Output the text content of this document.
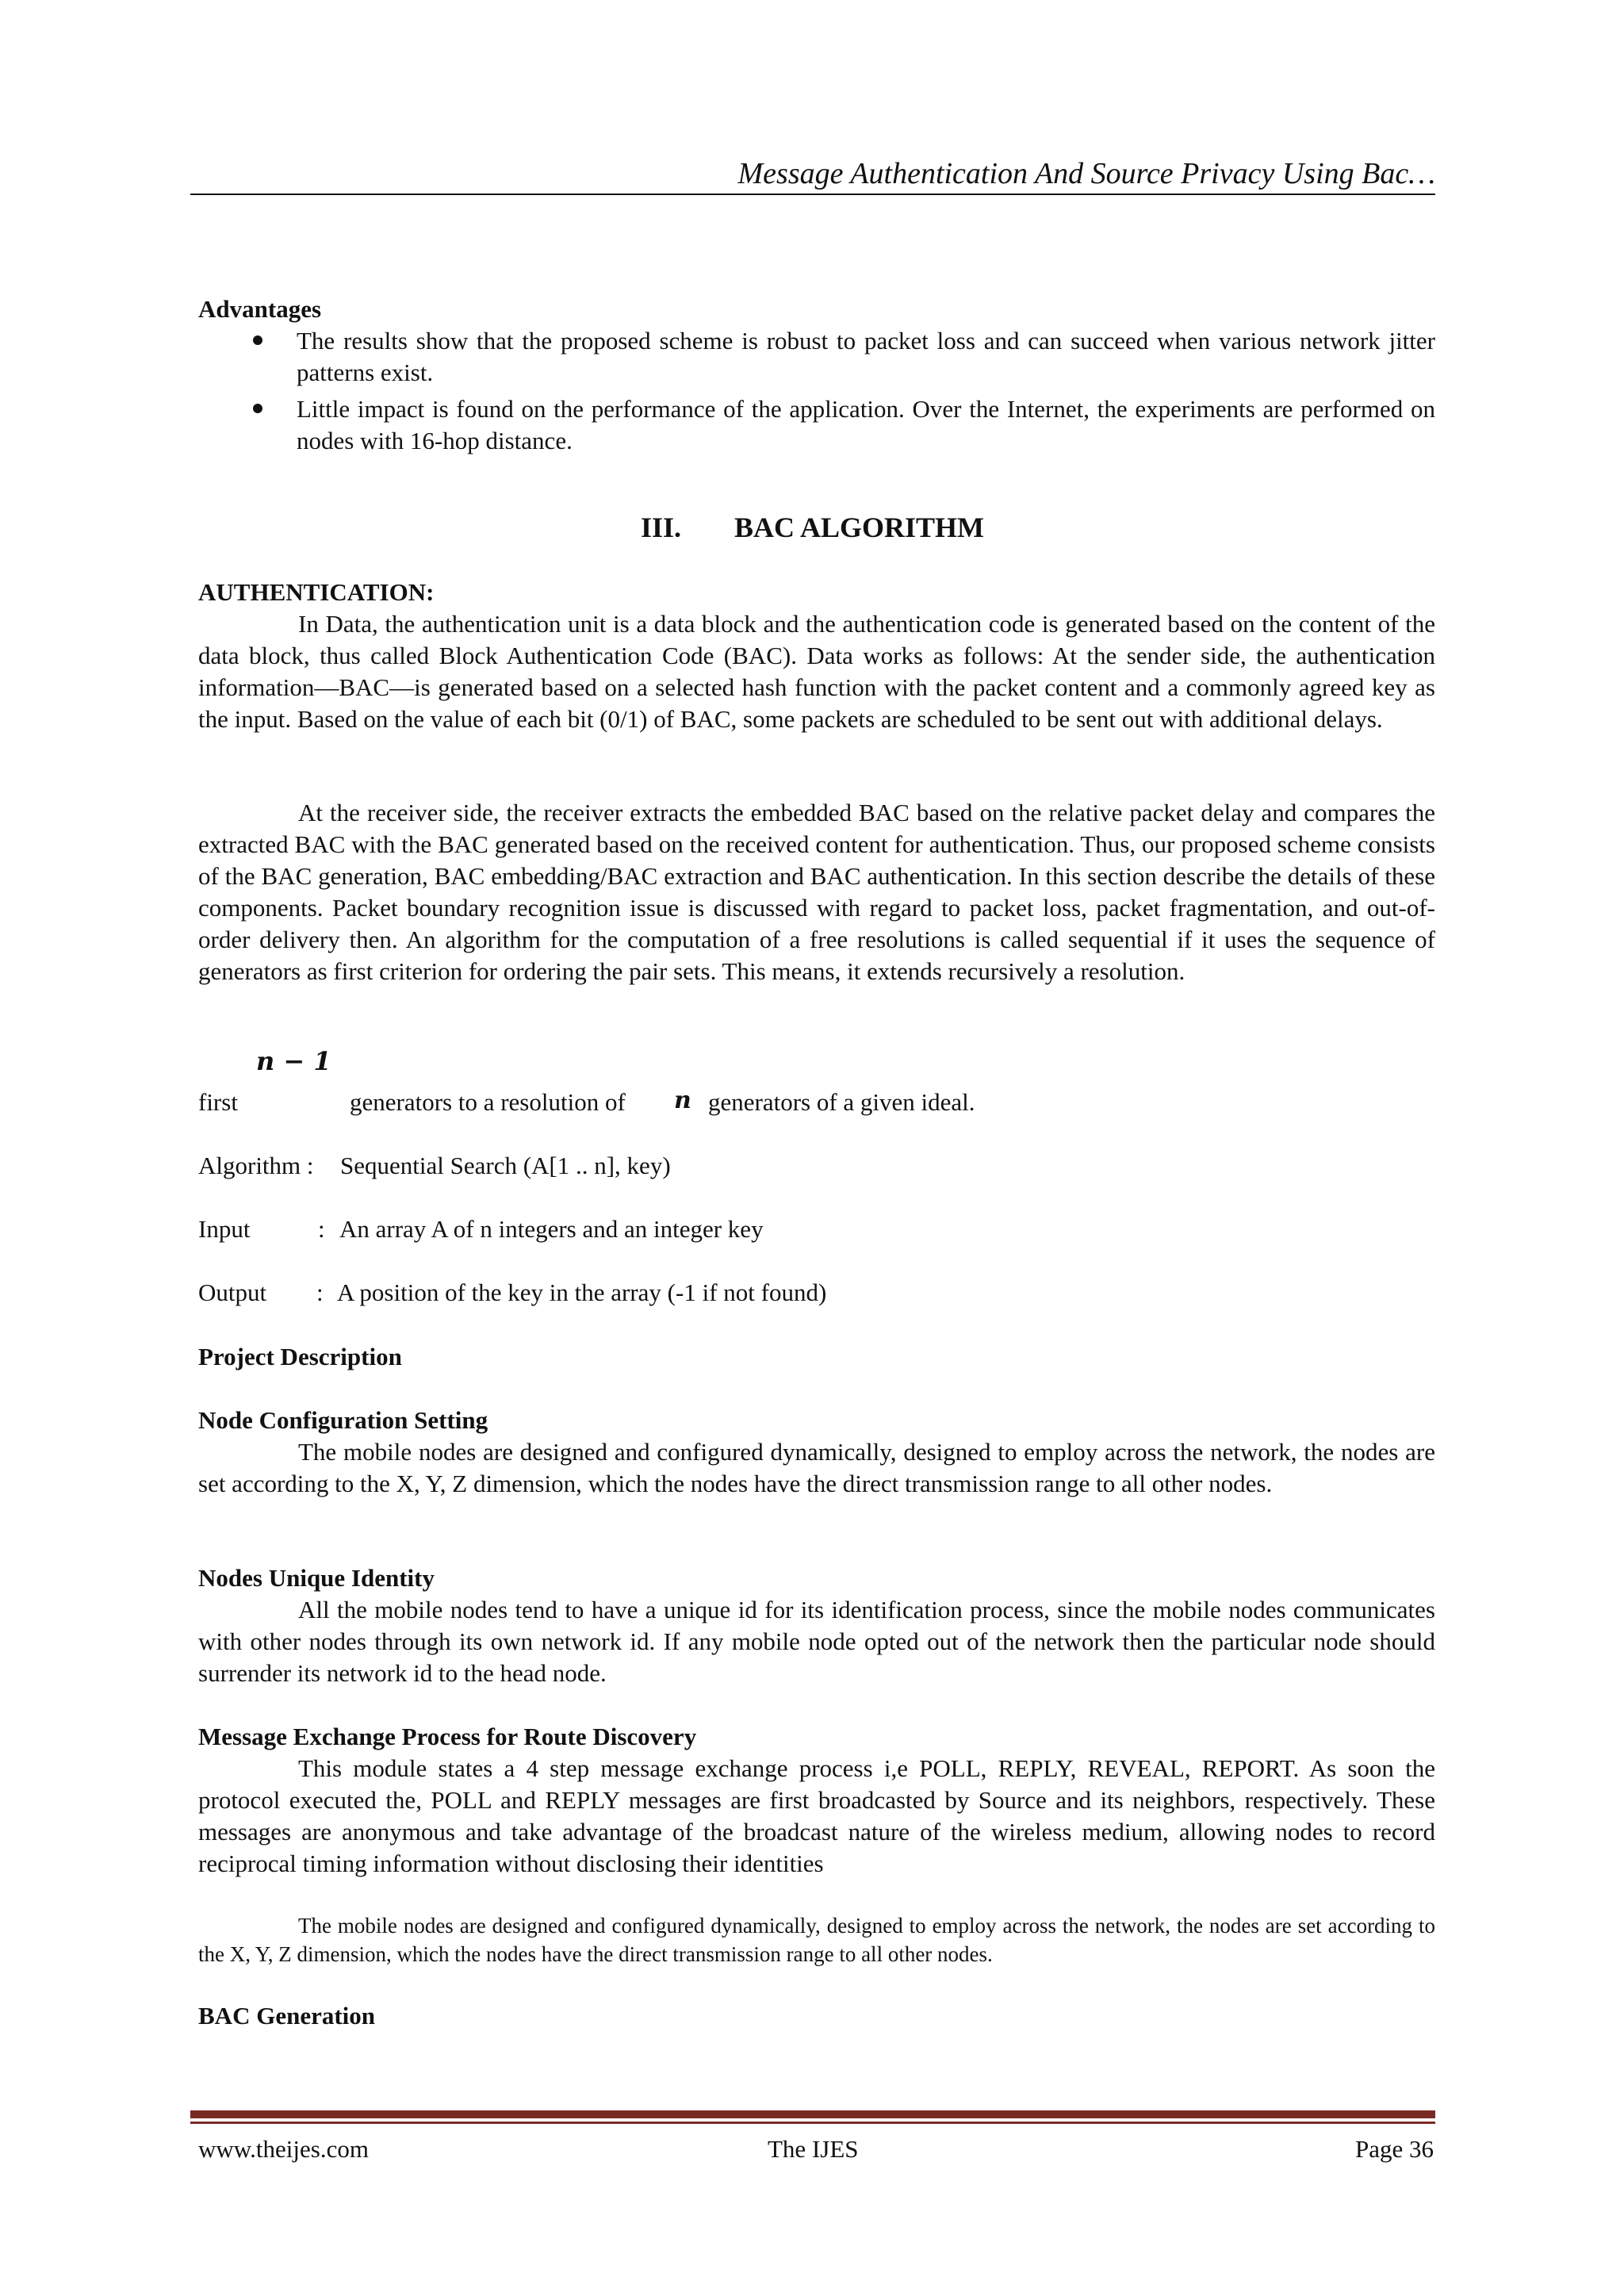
Message Authentication And Source Privacy Using Bac…
Advantages
The results show that the proposed scheme is robust to packet loss and can succeed when various network jitter patterns exist.
Little impact is found on the performance of the application. Over the Internet, the experiments are performed on nodes with 16-hop distance.
III. BAC ALGORITHM
AUTHENTICATION:
In Data, the authentication unit is a data block and the authentication code is generated based on the content of the data block, thus called Block Authentication Code (BAC). Data works as follows: At the sender side, the authentication information—BAC—is generated based on a selected hash function with the packet content and a commonly agreed key as the input. Based on the value of each bit (0/1) of BAC, some packets are scheduled to be sent out with additional delays.
At the receiver side, the receiver extracts the embedded BAC based on the relative packet delay and compares the extracted BAC with the BAC generated based on the received content for authentication. Thus, our proposed scheme consists of the BAC generation, BAC embedding/BAC extraction and BAC authentication. In this section describe the details of these components. Packet boundary recognition issue is discussed with regard to packet loss, packet fragmentation, and out-of-order delivery then. An algorithm for the computation of a free resolutions is called sequential if it uses the sequence of generators as first criterion for ordering the pair sets. This means, it extends recursively a resolution.
n − 1
first	generators to a resolution of n generators of a given ideal.
Algorithm : Sequential Search (A[1 .. n], key)
Input	: An array A of n integers and an integer key
Output : A position of the key in the array (-1 if not found)
Project Description
Node Configuration Setting
The mobile nodes are designed and configured dynamically, designed to employ across the network, the nodes are set according to the X, Y, Z dimension, which the nodes have the direct transmission range to all other nodes.
Nodes Unique Identity
All the mobile nodes tend to have a unique id for its identification process, since the mobile nodes communicates with other nodes through its own network id. If any mobile node opted out of the network then the particular node should surrender its network id to the head node.
Message Exchange Process for Route Discovery
This module states a 4 step message exchange process i,e POLL, REPLY, REVEAL, REPORT. As soon the protocol executed the, POLL and REPLY messages are first broadcasted by Source and its neighbors, respectively. These messages are anonymous and take advantage of the broadcast nature of the wireless medium, allowing nodes to record reciprocal timing information without disclosing their identities
The mobile nodes are designed and configured dynamically, designed to employ across the network, the nodes are set according to the X, Y, Z dimension, which the nodes have the direct transmission range to all other nodes.
BAC Generation
www.theijes.com	The IJES	Page 36
